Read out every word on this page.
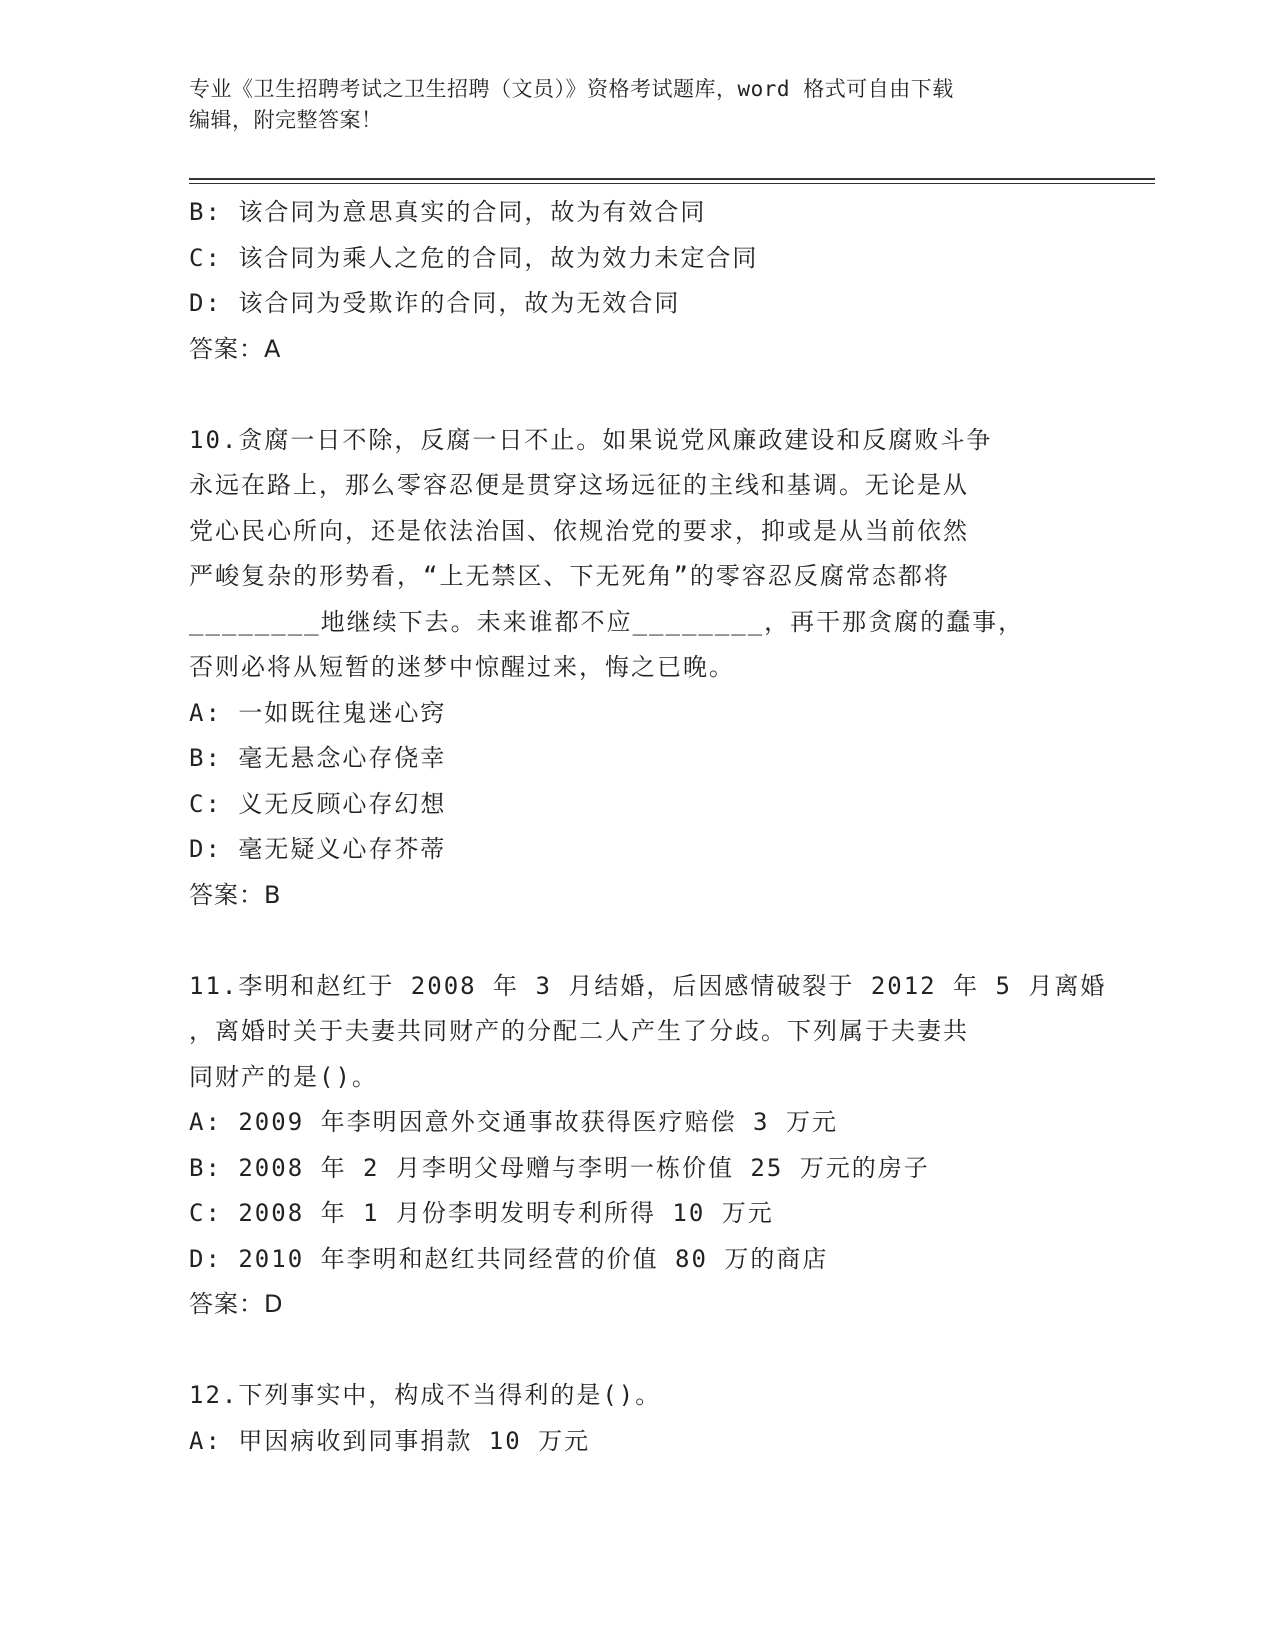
专业《卫生招聘考试之卫生招聘（文员）》资格考试题库，word 格式可自由下载
编辑，附完整答案！
B: 该合同为意思真实的合同，故为有效合同
C: 该合同为乘人之危的合同，故为效力未定合同
D: 该合同为受欺诈的合同，故为无效合同
答案：A
10.贪腐一日不除，反腐一日不止。如果说党风廉政建设和反腐败斗争
永远在路上，那么零容忍便是贯穿这场远征的主线和基调。无论是从
党心民心所向，还是依法治国、依规治党的要求，抑或是从当前依然
严峻复杂的形势看，“上无禁区、下无死角”的零容忍反腐常态都将
________地继续下去。未来谁都不应________，再干那贪腐的蠢事，
否则必将从短暂的迷梦中惊醒过来，悔之已晚。
A: 一如既往鬼迷心窍
B: 毫无悬念心存侥幸
C: 义无反顾心存幻想
D: 毫无疑义心存芥蒂
答案：B
11.李明和赵红于 2008 年 3 月结婚，后因感情破裂于 2012 年 5 月离婚
，离婚时关于夫妻共同财产的分配二人产生了分歧。下列属于夫妻共
同财产的是()。
A: 2009 年李明因意外交通事故获得医疗赔偿 3 万元
B: 2008 年 2 月李明父母赠与李明一栋价值 25 万元的房子
C: 2008 年 1 月份李明发明专利所得 10 万元
D: 2010 年李明和赵红共同经营的价值 80 万的商店
答案：D
12.下列事实中，构成不当得利的是()。
A: 甲因病收到同事捐款 10 万元
